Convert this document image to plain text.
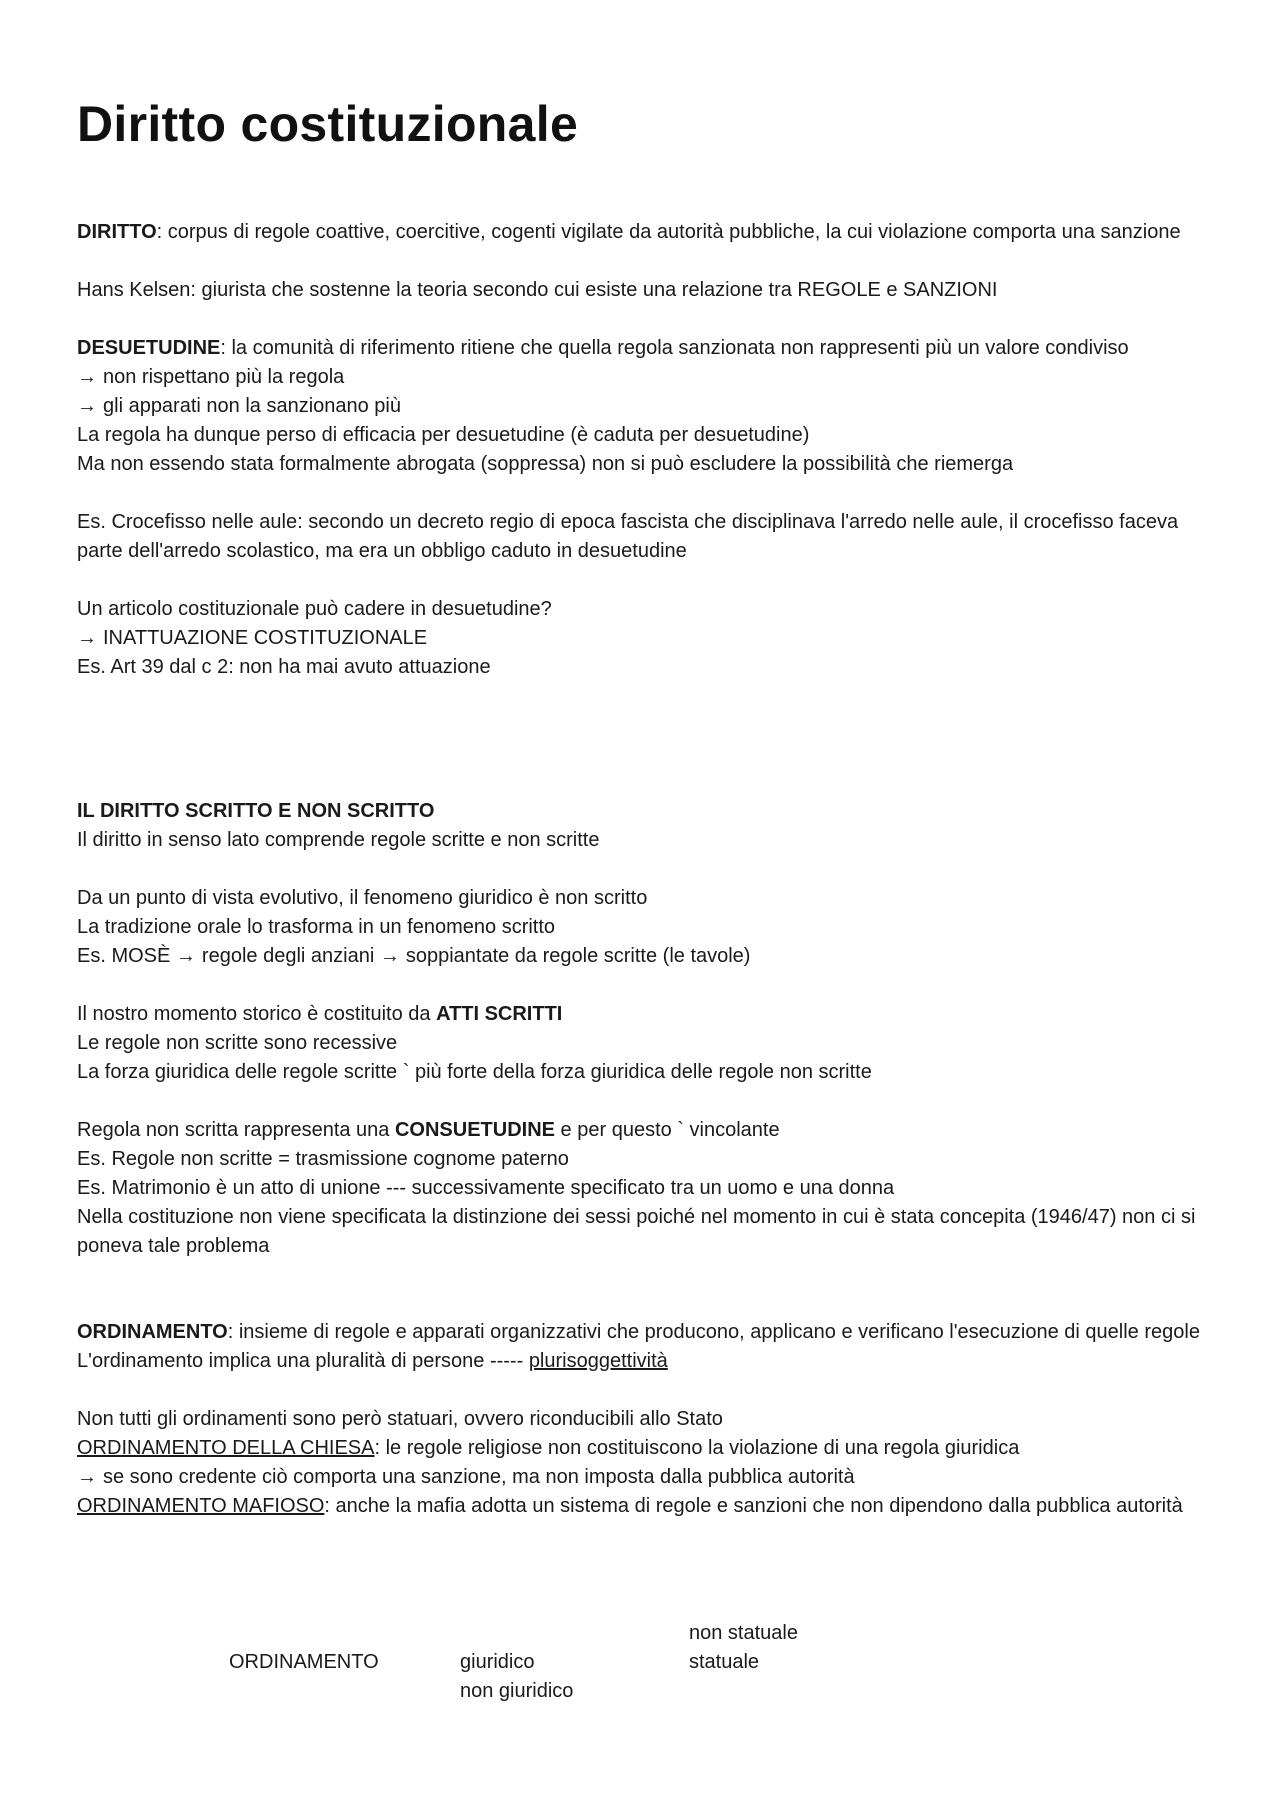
Diritto costituzionale
DIRITTO: corpus di regole coattive, coercitive, cogenti vigilate da autorità pubbliche, la cui violazione comporta una sanzione
Hans Kelsen: giurista che sostenne la teoria secondo cui esiste una relazione tra REGOLE e SANZIONI
DESUETUDINE: la comunità di riferimento ritiene che quella regola sanzionata non rappresenti più un valore condiviso
→ non rispettano più la regola
→ gli apparati non la sanzionano più
La regola ha dunque perso di efficacia per desuetudine (è caduta per desuetudine)
Ma non essendo stata formalmente abrogata (soppressa) non si può escludere la possibilità che riemerga
Es. Crocefisso nelle aule: secondo un decreto regio di epoca fascista che disciplinava l'arredo nelle aule, il crocefisso faceva parte dell'arredo scolastico, ma era un obbligo caduto in desuetudine
Un articolo costituzionale può cadere in desuetudine?
→ INATTUAZIONE COSTITUZIONALE
Es. Art 39 dal c 2: non ha mai avuto attuazione
IL DIRITTO SCRITTO E NON SCRITTO
Il diritto in senso lato comprende regole scritte e non scritte
Da un punto di vista evolutivo, il fenomeno giuridico è non scritto
La tradizione orale lo trasforma in un fenomeno scritto
Es. MOSÈ → regole degli anziani → soppiantate da regole scritte (le tavole)
Il nostro momento storico è costituito da ATTI SCRITTI
Le regole non scritte sono recessive
La forza giuridica delle regole scritte ` più forte della forza giuridica delle regole non scritte
Regola non scritta rappresenta una CONSUETUDINE e per questo ` vincolante
Es. Regole non scritte = trasmissione cognome paterno
Es. Matrimonio è un atto di unione --- successivamente specificato tra un uomo e una donna
Nella costituzione non viene specificata la distinzione dei sessi poiché nel momento in cui è stata concepita (1946/47) non ci si poneva tale problema
ORDINAMENTO: insieme di regole e apparati organizzativi che producono, applicano e verificano l'esecuzione di quelle regole
L'ordinamento implica una pluralità di persone ----- plurisoggettività
Non tutti gli ordinamenti sono però statuari, ovvero riconducibili allo Stato
ORDINAMENTO DELLA CHIESA: le regole religiose non costituiscono la violazione di una regola giuridica
→ se sono credente ciò comporta una sanzione, ma non imposta dalla pubblica autorità
ORDINAMENTO MAFIOSO: anche la mafia adotta un sistema di regole e sanzioni che non dipendono dalla pubblica autorità
ORDINAMENTO	giuridico
non giuridico
non statuale
statuale
